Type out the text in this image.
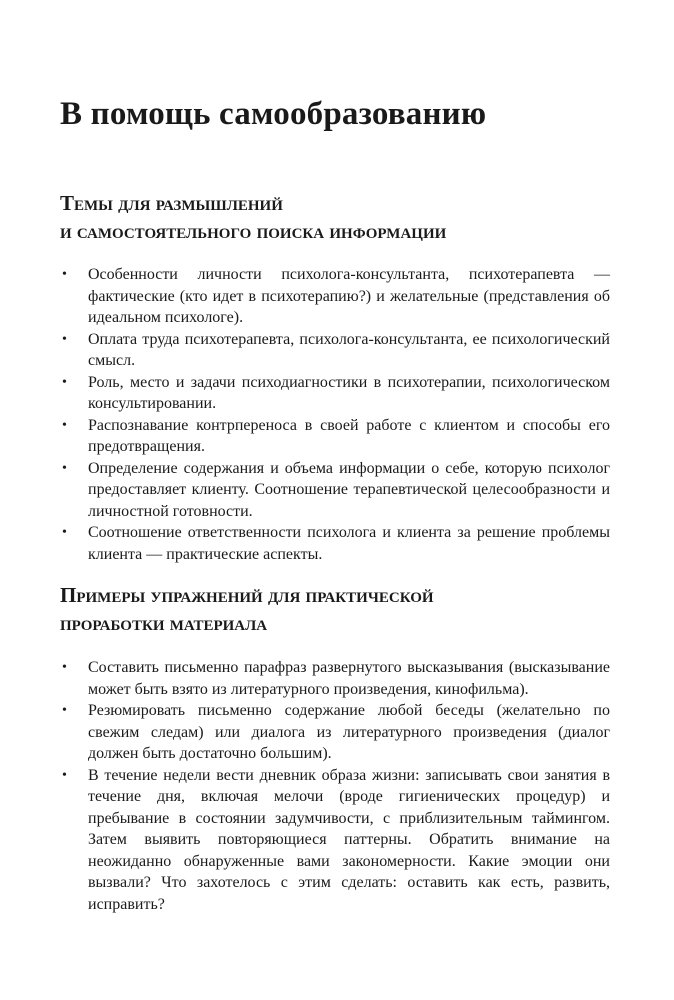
В помощь самообразованию
Темы для размышлений
и самостоятельного поиска информации
• Особенности личности психолога-консультанта, психотерапевта — фактические (кто идет в психотерапию?) и желательные (представления об идеальном психологе).
• Оплата труда психотерапевта, психолога-консультанта, ее психологический смысл.
• Роль, место и задачи психодиагностики в психотерапии, психологическом консультировании.
• Распознавание контрпереноса в своей работе с клиентом и способы его предотвращения.
• Определение содержания и объема информации о себе, которую психолог предоставляет клиенту. Соотношение терапевтической целесообразности и личностной готовности.
• Соотношение ответственности психолога и клиента за решение проблемы клиента — практические аспекты.
Примеры упражнений для практической
проработки материала
• Составить письменно парафраз развернутого высказывания (высказывание может быть взято из литературного произведения, кинофильма).
• Резюмировать письменно содержание любой беседы (желательно по свежим следам) или диалога из литературного произведения (диалог должен быть достаточно большим).
• В течение недели вести дневник образа жизни: записывать свои занятия в течение дня, включая мелочи (вроде гигиенических процедур) и пребывание в состоянии задумчивости, с приблизительным таймингом. Затем выявить повторяющиеся паттерны. Обратить внимание на неожиданно обнаруженные вами закономерности. Какие эмоции они вызвали? Что захотелось с этим сделать: оставить как есть, развить, исправить?
